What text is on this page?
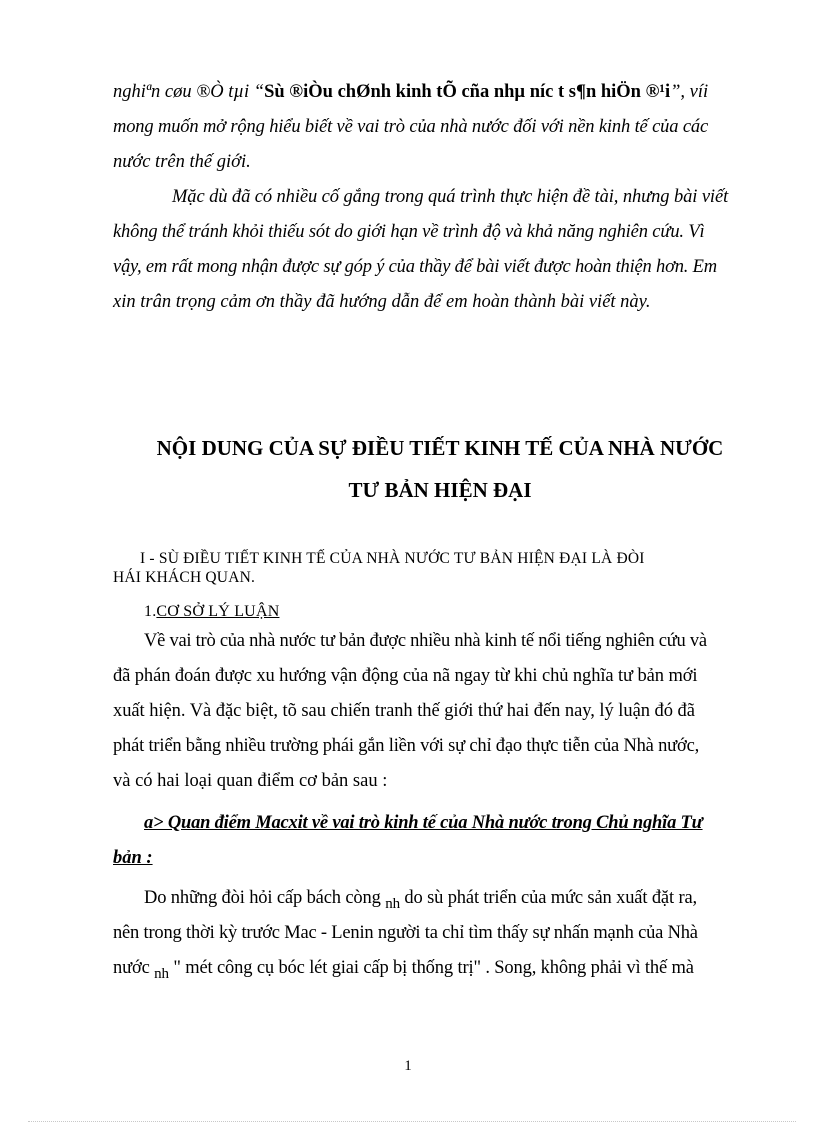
nghiªn cøu ®Ò tµi “Sù ®iÒu chØnh kinh tÕ cña nhµ níc t s¶n hiÖn ®¹i”, víi

mong muốn mở rộng hiểu biết về vai trò của nhà nước đối với nền kinh tế của các

nước trên thế giới.

Mặc dù đã có nhiều cố gắng trong quá trình thực hiện đề tài, nhưng bài viết

không thể tránh khỏi thiếu sót do giới hạn về trình độ và khả năng nghiên cứu. Vì

vậy, em rất mong nhận được sự góp ý của thầy để bài viết được hoàn thiện hơn. Em

xin trân trọng cảm ơn thầy đã hướng dẫn để em hoàn thành bài viết này.

NỘI DUNG CỦA SỰ ĐIỀU TIẾT KINH TẾ CỦA NHÀ NƯỚC

TƯ BẢN HIỆN ĐẠI

I - SÙ ĐIỀU TIẾT KINH TẾ CỦA NHÀ NƯỚC TƯ BẢN HIỆN ĐẠI LÀ ĐÒI

HÁI KHÁCH QUAN.

1.CƠ SỞ LÝ LUẬN

Về vai trò của nhà nước tư bản được nhiều nhà kinh tế nổi tiếng nghiên cứu và

đã phán đoán được xu hướng vận động của nã ngay từ khi chủ nghĩa tư bản mới

xuất hiện. Và đặc biệt, tõ sau chiến tranh thế giới thứ hai đến nay, lý luận đó đã

phát triển bằng nhiều trường phái gắn liền với sự chỉ đạo thực tiễn của Nhà nước,

và có hai loại quan điểm cơ bản sau :

a> Quan điểm Macxit về vai trò kinh tế của Nhà nước trong Chủ nghĩa Tư

bản :

Do những đòi hỏi cấp bách còng $_{nh}$ do sù phát triển của mức sản xuất đặt ra,

nên trong thời kỳ trước Mac - Lenin người ta chỉ tìm thấy sự nhấn mạnh của Nhà

nước $_{nh}$ " mét công cụ bóc lét giai cấp bị thống trị" . Song, không phải vì thế mà

1
